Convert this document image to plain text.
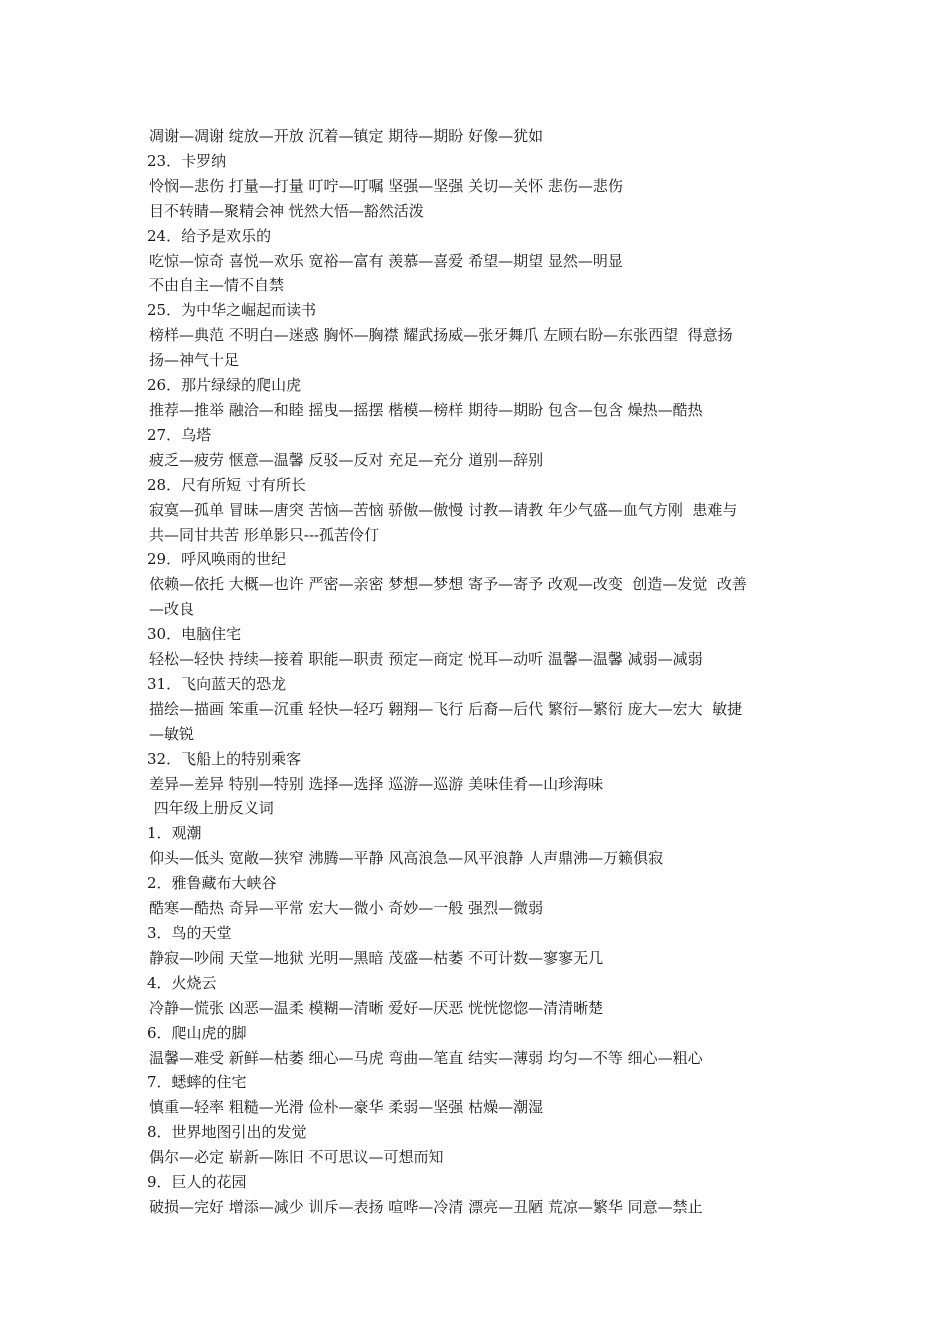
凋谢—凋谢 绽放—开放 沉着—镇定 期待—期盼 好像—犹如
23．卡罗纳
怜悯—悲伤 打量—打量 叮咛—叮嘱 坚强—坚强 关切—关怀 悲伤—悲伤
目不转睛—聚精会神 恍然大悟—豁然活泼
24．给予是欢乐的
吃惊—惊奇 喜悦—欢乐 宽裕—富有 羡慕—喜爱 希望—期望 显然—明显
不由自主—情不自禁
25．为中华之崛起而读书
榜样—典范 不明白—迷惑 胸怀—胸襟 耀武扬威—张牙舞爪 左顾右盼—东张西望  得意扬
扬—神气十足
26．那片绿绿的爬山虎
推荐—推举 融洽—和睦 摇曳—摇摆 楷模—榜样 期待—期盼 包含—包含 燥热—酷热
27．乌塔
疲乏—疲劳 惬意—温馨 反驳—反对 充足—充分 道别—辞别
28．尺有所短 寸有所长
寂寞—孤单 冒昧—唐突 苦恼—苦恼 骄傲—傲慢 讨教—请教 年少气盛—血气方刚  患难与
共—同甘共苦 形单影只---孤苦伶仃
29．呼风唤雨的世纪
依赖—依托 大概—也许 严密—亲密 梦想—梦想 寄予—寄予 改观—改变  创造—发觉  改善
—改良
30．电脑住宅
轻松—轻快 持续—接着 职能—职责 预定—商定 悦耳—动听 温馨—温馨 减弱—减弱
31．飞向蓝天的恐龙
描绘—描画 笨重—沉重 轻快—轻巧 翱翔—飞行 后裔—后代 繁衍—繁衍 庞大—宏大  敏捷
—敏锐
32．飞船上的特别乘客
差异—差异 特别—特别 选择—选择 巡游—巡游 美味佳肴—山珍海味
四年级上册反义词
1．观潮
仰头—低头 宽敞—狭窄 沸腾—平静 风高浪急—风平浪静 人声鼎沸—万籁俱寂
2．雅鲁藏布大峡谷
酷寒—酷热 奇异—平常 宏大—微小 奇妙—一般 强烈—微弱
3．鸟的天堂
静寂—吵闹 天堂—地狱 光明—黑暗 茂盛—枯萎 不可计数—寥寥无几
4．火烧云
冷静—慌张 凶恶—温柔 模糊—清晰 爱好—厌恶 恍恍惚惚—清清晰楚
6．爬山虎的脚
温馨—难受 新鲜—枯萎 细心—马虎 弯曲—笔直 结实—薄弱 均匀—不等 细心—粗心
7．蟋蟀的住宅
慎重—轻率 粗糙—光滑 俭朴—豪华 柔弱—坚强 枯燥—潮湿
8．世界地图引出的发觉
偶尔—必定 崭新—陈旧 不可思议—可想而知
9．巨人的花园
破损—完好 增添—减少 训斥—表扬 喧哗—冷清 漂亮—丑陋 荒凉—繁华 同意—禁止
